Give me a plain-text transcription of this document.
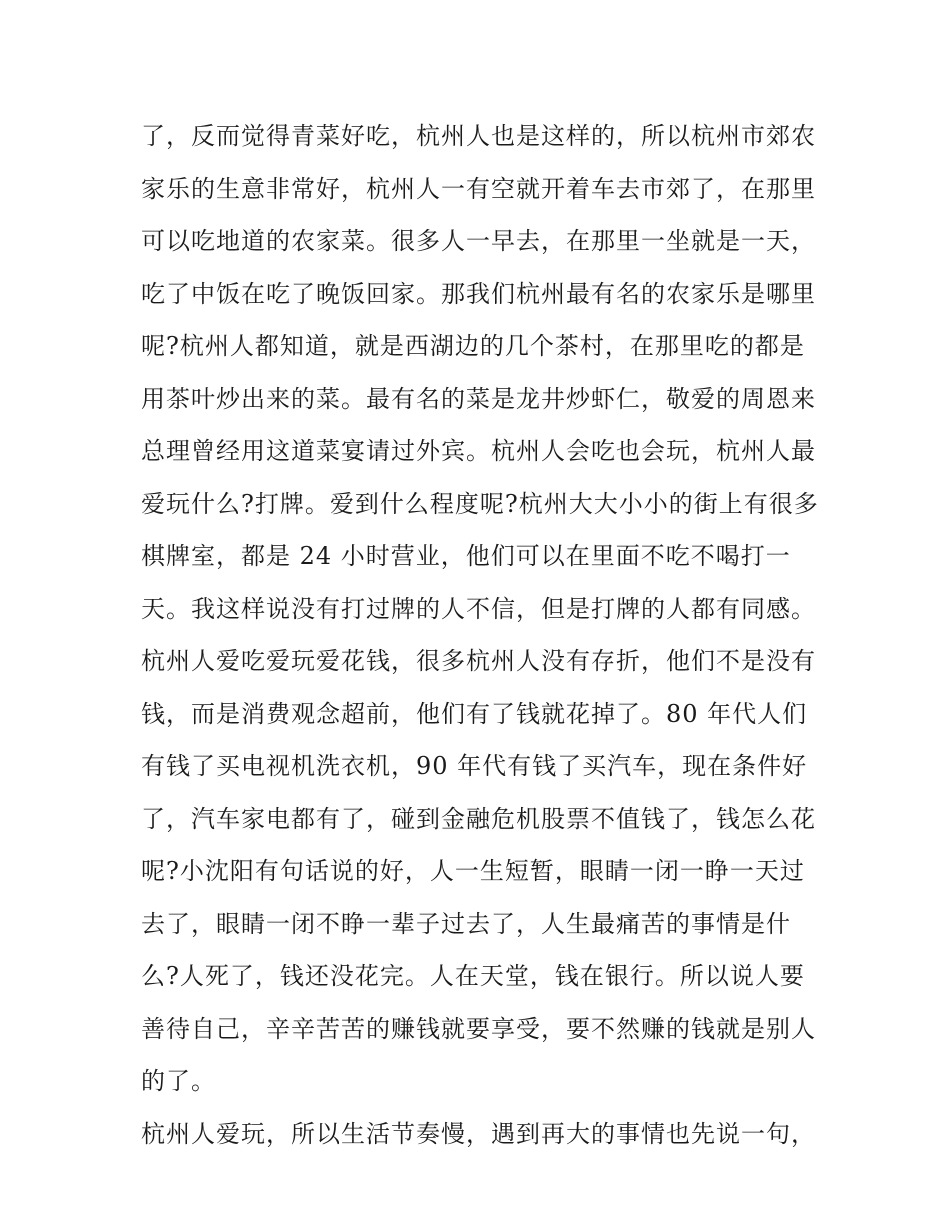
了，反而觉得青菜好吃，杭州人也是这样的，所以杭州市郊农
家乐的生意非常好，杭州人一有空就开着车去市郊了，在那里
可以吃地道的农家菜。很多人一早去，在那里一坐就是一天，
吃了中饭在吃了晚饭回家。那我们杭州最有名的农家乐是哪里
呢?杭州人都知道，就是西湖边的几个茶村，在那里吃的都是
用茶叶炒出来的菜。最有名的菜是龙井炒虾仁，敬爱的周恩来
总理曾经用这道菜宴请过外宾。杭州人会吃也会玩，杭州人最
爱玩什么?打牌。爱到什么程度呢?杭州大大小小的街上有很多
棋牌室，都是 24 小时营业，他们可以在里面不吃不喝打一
天。我这样说没有打过牌的人不信，但是打牌的人都有同感。
杭州人爱吃爱玩爱花钱，很多杭州人没有存折，他们不是没有
钱，而是消费观念超前，他们有了钱就花掉了。80 年代人们
有钱了买电视机洗衣机，90 年代有钱了买汽车，现在条件好
了，汽车家电都有了，碰到金融危机股票不值钱了，钱怎么花
呢?小沈阳有句话说的好，人一生短暂，眼睛一闭一睁一天过
去了，眼睛一闭不睁一辈子过去了，人生最痛苦的事情是什
么?人死了，钱还没花完。人在天堂，钱在银行。所以说人要
善待自己，辛辛苦苦的赚钱就要享受，要不然赚的钱就是别人
的了。
杭州人爱玩，所以生活节奏慢，遇到再大的事情也先说一句，
